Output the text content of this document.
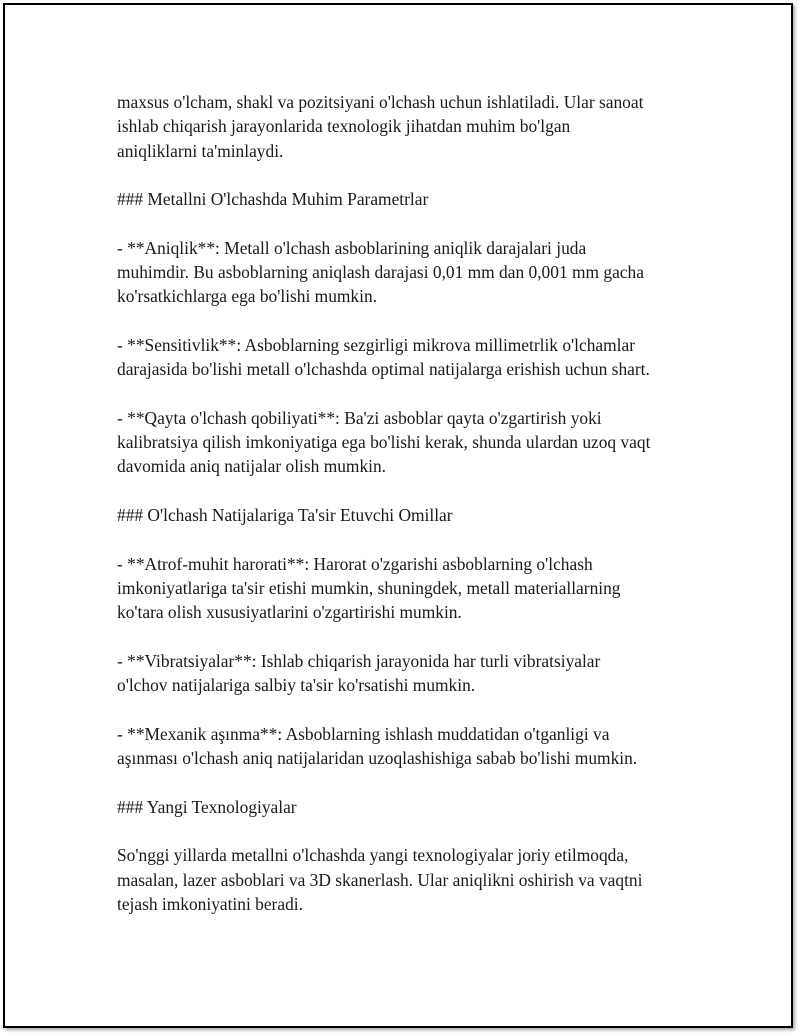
maxsus o'lcham, shakl va pozitsiyani o'lchash uchun ishlatiladi. Ular sanoat
ishlab chiqarish jarayonlarida texnologik jihatdan muhim bo'lgan
aniqliklarni ta'minlaydi.
### Metallni O'lchashda Muhim Parametrlar
- **Aniqlik**: Metall o'lchash asboblarining aniqlik darajalari juda
muhimdir. Bu asboblarning aniqlash darajasi 0,01 mm dan 0,001 mm gacha
ko'rsatkichlarga ega bo'lishi mumkin.
- **Sensitivlik**: Asboblarning sezgirligi mikrova millimetrlik o'lchamlar
darajasida bo'lishi metall o'lchashda optimal natijalarga erishish uchun shart.
- **Qayta o'lchash qobiliyati**: Ba'zi asboblar qayta o'zgartirish yoki
kalibratsiya qilish imkoniyatiga ega bo'lishi kerak, shunda ulardan uzoq vaqt
davomida aniq natijalar olish mumkin.
### O'lchash Natijalariga Ta'sir Etuvchi Omillar
- **Atrof-muhit harorati**: Harorat o'zgarishi asboblarning o'lchash
imkoniyatlariga ta'sir etishi mumkin, shuningdek, metall materiallarning
ko'tara olish xususiyatlarini o'zgartirishi mumkin.
- **Vibratsiyalar**: Ishlab chiqarish jarayonida har turli vibratsiyalar
o'lchov natijalariga salbiy ta'sir ko'rsatishi mumkin.
- **Mexanik aşınma**: Asboblarning ishlash muddatidan o'tganligi va
aşınması o'lchash aniq natijalaridan uzoqlashishiga sabab bo'lishi mumkin.
### Yangi Texnologiyalar
So'nggi yillarda metallni o'lchashda yangi texnologiyalar joriy etilmoqda,
masalan, lazer asboblari va 3D skanerlash. Ular aniqlikni oshirish va vaqtni
tejash imkoniyatini beradi.
